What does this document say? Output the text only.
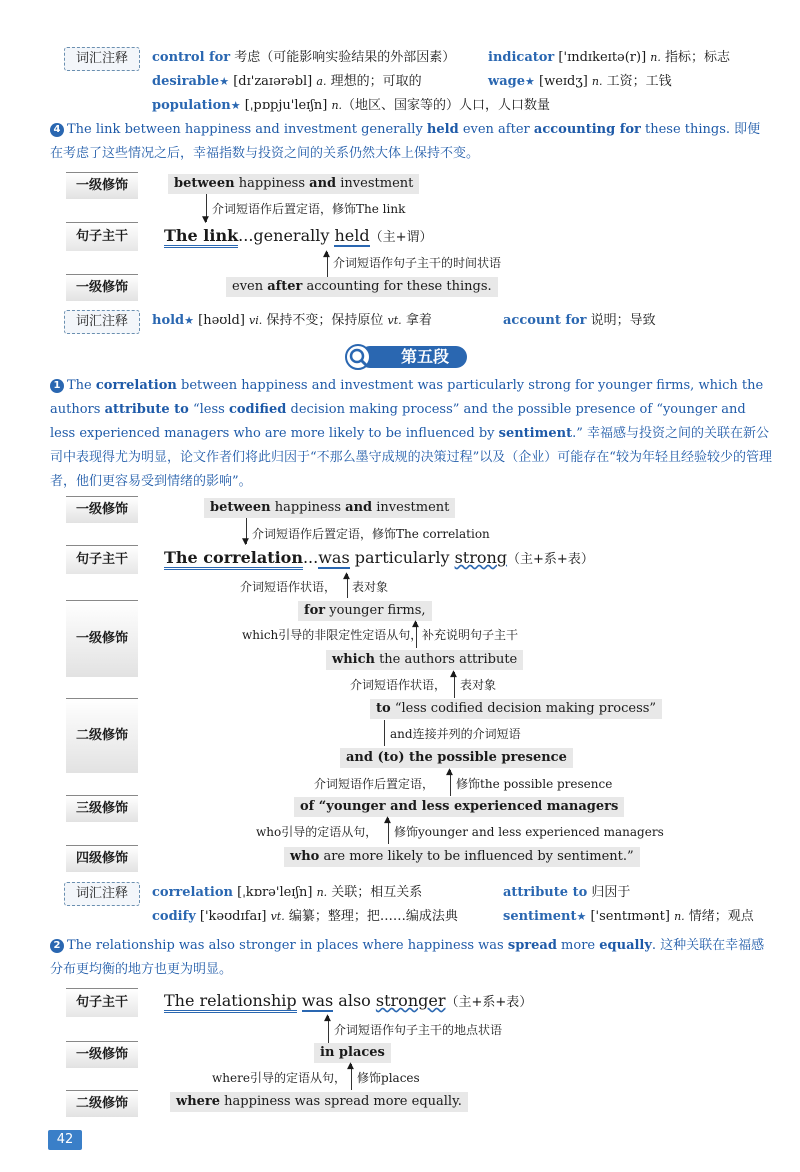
词汇注释	control for 考虑（可能影响实验结果的外部因素）	indicator ['ɪndɪkeɪtə(r)] n. 指标；标志
desirable★ [dɪ'zaɪərəbl] a. 理想的；可取的	wage★ [weɪdʒ] n. 工资；工钱
population★ [ˌpɒpju'leɪʃn] n.（地区、国家等的）人口，人口数量
4 The link between happiness and investment generally held even after accounting for these things. 即便在考虑了这些情况之后，幸福指数与投资之间的关系仍然大体上保持不变。
一级修饰	between happiness and investment
▼
介词短语作后置定语，修饰The link
句子主干	The link...generally held（主+谓）
▲
介词短语作句子主干的时间状语
一级修饰	even after accounting for these things.
词汇注释	hold★ [həʊld] vi. 保持不变；保持原位 vt. 拿着	account for 说明；导致
第五段
1 The correlation between happiness and investment was particularly strong for younger firms, which the authors attribute to “less codified decision making process” and the possible presence of “younger and less experienced managers who are more likely to be influenced by sentiment.” 幸福感与投资之间的关联在新公司中表现得尤为明显，论文作者们将此归因于“不那么墨守成规的决策过程”以及（企业）可能存在“较为年轻且经验较少的管理者，他们更容易受到情绪的影响”。
一级修饰	between happiness and investment
▼
介词短语作后置定语，修饰The correlation
句子主干	The correlation...was particularly strong（主+系+表）
▲
介词短语作状语， 表对象
一级修饰
for younger firms,
▲
which引导的非限定性定语从句， 补充说明句子主干
which the authors attribute
▲
介词短语作状语， 表对象
二级修饰
to “less codified decision making process”
and连接并列的介词短语
and (to) the possible presence
▲
介词短语作后置定语， 修饰the possible presence
三级修饰	of “younger and less experienced managers
▲
who引导的定语从句， 修饰younger and less experienced managers
四级修饰	who are more likely to be influenced by sentiment.”
词汇注释	correlation [ˌkɒrə'leɪʃn] n. 关联；相互关系	attribute to 归因于
codify ['kəʊdɪfaɪ] vt. 编纂；整理；把……编成法典	sentiment★ ['sentɪmənt] n. 情绪；观点
2 The relationship was also stronger in places where happiness was spread more equally. 这种关联在幸福感分布更均衡的地方也更为明显。
句子主干	The relationship was also stronger（主+系+表）
▲
介词短语作句子主干的地点状语
一级修饰	in places
▲
where引导的定语从句， 修饰places
二级修饰	where happiness was spread more equally.
42
